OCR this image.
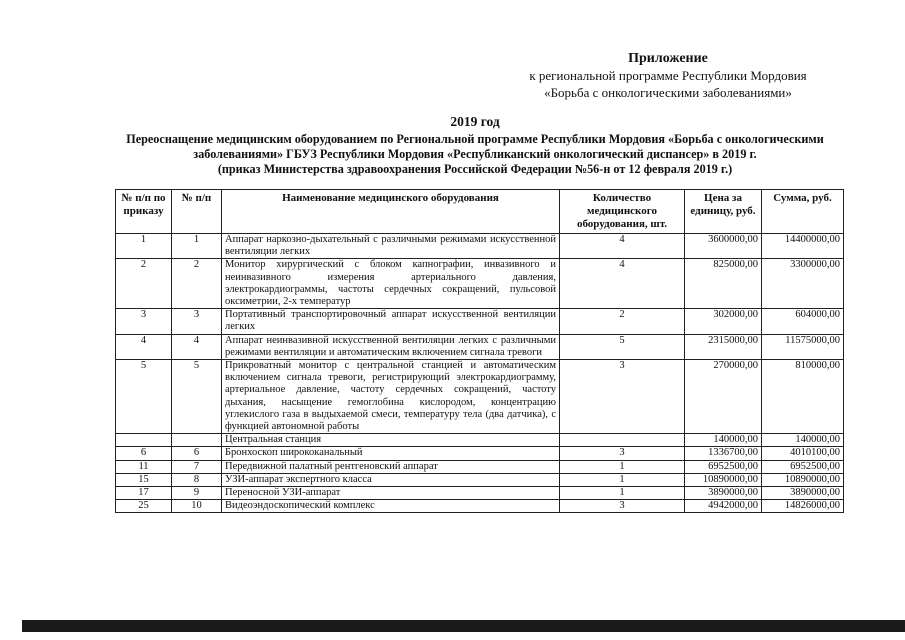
Приложение
к региональной программе Республики Мордовия
«Борьба с онкологическими заболеваниями»
2019 год
Переоснащение медицинским оборудованием по Региональной программе Республики Мордовия «Борьба с онкологическими
заболеваниями» ГБУЗ Республики Мордовия «Республиканский онкологический диспансер» в 2019 г.
(приказ Министерства здравоохранения Российской Федерации №56-н от 12 февраля 2019 г.)
№ п/п по приказу	№ п/п	Наименование медицинского оборудования	Количество медицинского оборудования, шт.	Цена за единицу, руб.	Сумма, руб.
1	1	Аппарат наркозно-дыхательный с различными режимами искусственной вентиляции легких	4	3600000,00	14400000,00
2	2	Монитор хирургический с блоком капнографии, инвазивного и неинвазивного измерения артериального давления, электрокардиограммы, частоты сердечных сокращений, пульсовой оксиметрии, 2-х температур	4	825000,00	3300000,00
3	3	Портативный транспортировочный аппарат искусственной вентиляции легких	2	302000,00	604000,00
4	4	Аппарат неинвазивной искусственной вентиляции легких с различными режимами вентиляции и автоматическим включением сигнала тревоги	5	2315000,00	11575000,00
5	5	Прикроватный монитор с центральной станцией и автоматическим включением сигнала тревоги, регистрирующий электрокардиограмму, артериальное давление, частоту сердечных сокращений, частоту дыхания, насыщение гемоглобина кислородом, концентрацию углекислого газа в выдыхаемой смеси, температуру тела (два датчика), с функцией автономной работы	3	270000,00	810000,00
		Центральная станция		140000,00	140000,00
6	6	Бронхоскоп ширококанальный	3	1336700,00	4010100,00
11	7	Передвижной палатный рентгеновский аппарат	1	6952500,00	6952500,00
15	8	УЗИ-аппарат экспертного класса	1	10890000,00	10890000,00
17	9	Переносной УЗИ-аппарат	1	3890000,00	3890000,00
25	10	Видеоэндоскопический комплекс	3	4942000,00	14826000,00
